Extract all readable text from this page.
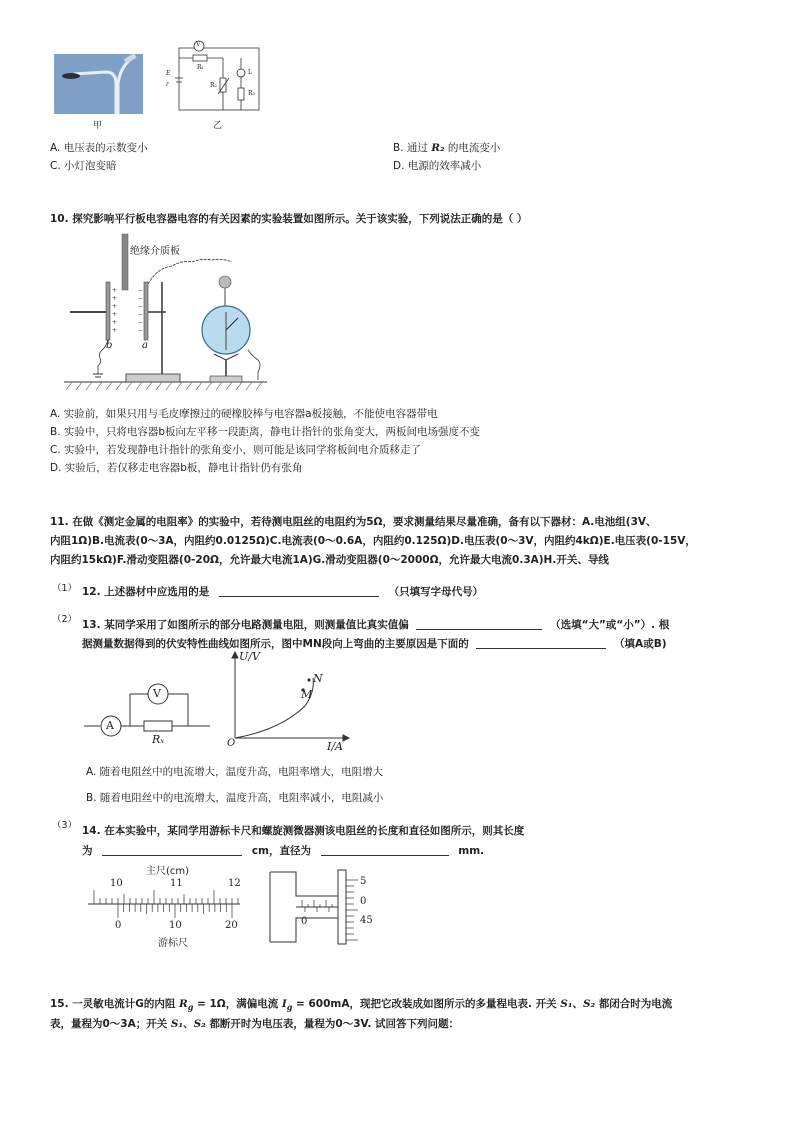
甲
V
R₁
E
r	R₂
L
R₃
乙
A. 电压表的示数变小	B. 通过 R₂ 的电流变小
C. 小灯泡变暗	D. 电源的效率减小
10. 探究影响平行板电容器电容的有关因素的实验装置如图所示。关于该实验，下列说法正确的是（ ）
+
+
+
+
+
+
−
−
−
−
−
−
绝缘介质板
b	a
A. 实验前，如果只用与毛皮摩擦过的硬橡胶棒与电容器a板接触，不能使电容器带电
B. 实验中，只将电容器b板向左平移一段距离，静电计指针的张角变大，两板间电场强度不变
C. 实验中，若发现静电计指针的张角变小，则可能是该同学将板间电介质移走了
D. 实验后，若仅移走电容器b板，静电计指针仍有张角
11. 在做《测定金属的电阻率》的实验中，若待测电阻丝的电阻约为5Ω，要求测量结果尽量准确，备有以下器材：A.电池组(3V、
内阻1Ω)B.电流表(0～3A，内阻约0.0125Ω)C.电流表(0～0.6A，内阻约0.125Ω)D.电压表(0～3V，内阻约4kΩ)E.电压表(0-15V，
内阻约15kΩ)F.滑动变阻器(0-20Ω，允许最大电流1A)G.滑动变阻器(0～2000Ω，允许最大电流0.3A)H.开关、导线
（1） 12. 上述器材中应选用的是	（只填写字母代号）
（2） 13. 某同学采用了如图所示的部分电路测量电阻，则测量值比真实值偏	（选填“大”或“小”）. 根
据测量数据得到的伏安特性曲线如图所示，图中MN段向上弯曲的主要原因是下面的	（填A或B)
A
V
Rₓ
U/V
I/A
N
M
O
A. 随着电阻丝中的电流增大，温度升高，电阻率增大，电阻增大
B. 随着电阻丝中的电流增大，温度升高，电阻率减小，电阻减小
（3） 14. 在本实验中，某同学用游标卡尺和螺旋测微器测该电阻丝的长度和直径如图所示，则其长度
为	cm，直径为	mm.
主尺(cm)
10	11	12
0	10	20
游标尺
5
0
45
0
15. 一灵敏电流计G的内阻 $R_g = 1\Omega$，满偏电流 $I_g = 600mA$，现把它改装成如图所示的多量程电表. 开关 S₁、S₂ 都闭合时为电流
表，量程为0～3A；开关 S₁、S₂ 都断开时为电压表，量程为0～3V. 试回答下列问题：
